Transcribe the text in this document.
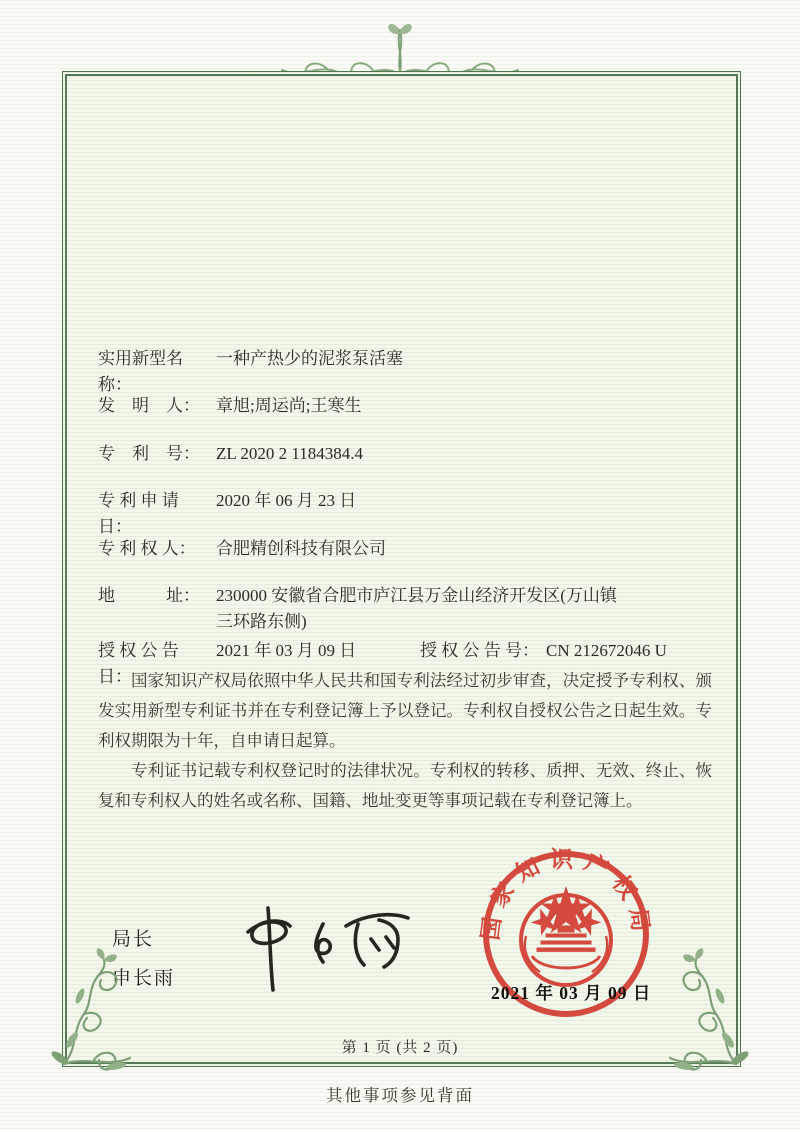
实用新型名称：
一种产热少的泥浆泵活塞
发　明　人： 章旭;周运尚;王寒生
专　利　号： ZL 2020 2 1184384.4
专 利 申 请 日：
2020 年 06 月 23 日
专 利 权 人：	合肥精创科技有限公司
地　　　址： 230000 安徽省合肥市庐江县万金山经济开发区(万山镇三环路东侧)
授 权 公 告 日：
2021 年 03 月 09 日	授 权 公 告 号： CN 212672046 U

国家知识产权局依照中华人民共和国专利法经过初步审查，决定授予专利权、颁发实用新型专利证书并在专利登记簿上予以登记。专利权自授权公告之日起生效。专利权期限为十年，自申请日起算。

专利证书记载专利权登记时的法律状况。专利权的转移、质押、无效、终止、恢复和专利权人的姓名或名称、国籍、地址变更等事项记载在专利登记簿上。

局长
申长雨
国家知识产权局
2021 年 03 月 09 日
第 1 页 (共 2 页)
其他事项参见背面
